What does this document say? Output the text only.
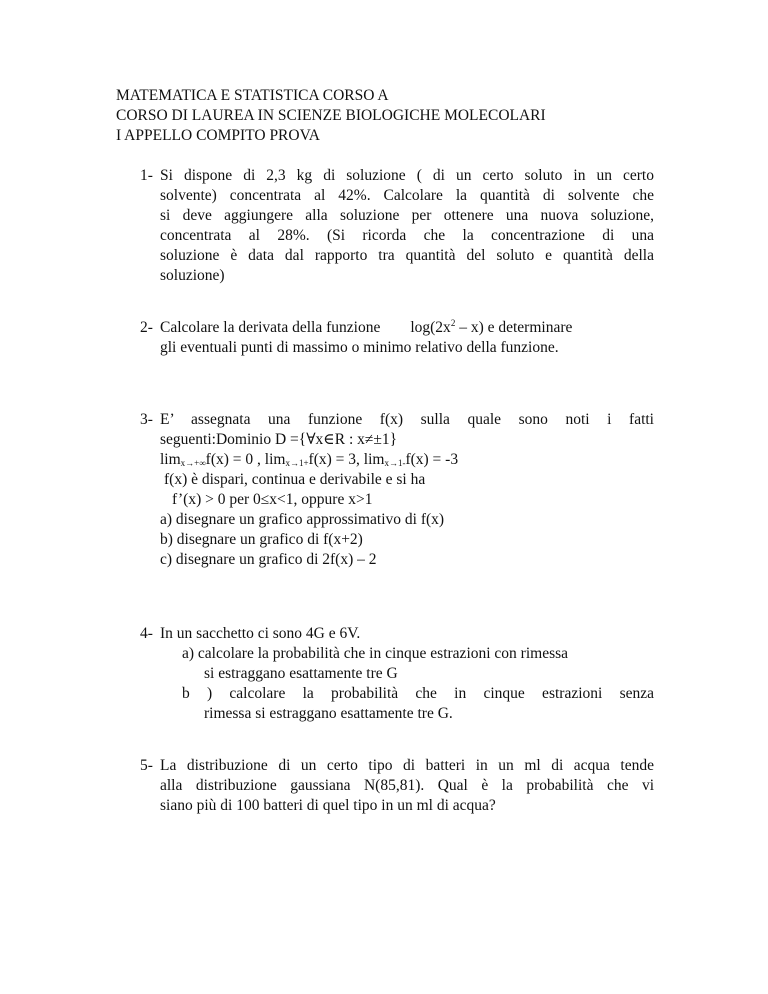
MATEMATICA E STATISTICA CORSO A
CORSO DI LAUREA IN SCIENZE BIOLOGICHE MOLECOLARI
I APPELLO COMPITO PROVA
1- Si dispone di 2,3 kg di soluzione ( di un certo soluto in un certo
solvente) concentrata al 42%. Calcolare la quantità di solvente che
si deve aggiungere alla soluzione per ottenere una nuova soluzione,
concentrata al 28%. (Si ricorda che la concentrazione di una
soluzione è data dal rapporto tra quantità del soluto e quantità della
soluzione)
2- Calcolare la derivata della funzione $\log(2x^2 - x)$ e determinare
gli eventuali punti di massimo o minimo relativo della funzione.
3- E’ assegnata una funzione f(x) sulla quale sono noti i fatti
seguenti:Dominio D ={∀x∈R : x≠±1}
$\lim_{x\to+\infty}f(x) = 0$ , $\lim_{x\to 1+}f(x) = 3$, $\lim_{x\to 1-}f(x) = -3$
f(x) è dispari, continua e derivabile e si ha
f’(x) > 0 per 0≤x<1, oppure x>1
a) disegnare un grafico approssimativo di f(x)
b) disegnare un grafico di f(x+2)
c) disegnare un grafico di 2f(x) – 2
4- In un sacchetto ci sono 4G e 6V.
a) calcolare la probabilità che in cinque estrazioni con rimessa
si estraggano esattamente tre G
b ) calcolare la probabilità che in cinque estrazioni senza
rimessa si estraggano esattamente tre G.
5- La distribuzione di un certo tipo di batteri in un ml di acqua tende
alla distribuzione gaussiana N(85,81). Qual è la probabilità che vi
siano più di 100 batteri di quel tipo in un ml di acqua?
